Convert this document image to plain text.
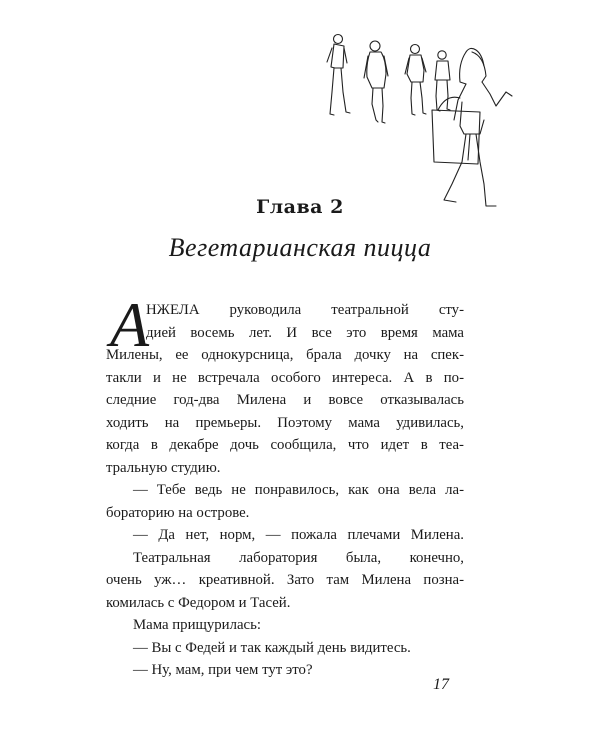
Глава 2
Вегетарианская пицца
А
НЖЕЛА руководила театральной сту-
дией восемь лет. И все это время мама
Милены, ее однокурсница, брала дочку на спек-
такли и не встречала особого интереса. А в по-
следние год-два Милена и вовсе отказывалась
ходить на премьеры. Поэтому мама удивилась,
когда в декабре дочь сообщила, что идет в теа-
тральную студию.
— Тебе ведь не понравилось, как она вела ла-
бораторию на острове.
— Да нет, норм, — пожала плечами Милена.
Театральная лаборатория была, конечно,
очень уж… креативной. Зато там Милена позна-
комилась с Федором и Тасей.
Мама прищурилась:
— Вы с Федей и так каждый день видитесь.
— Ну, мам, при чем тут это?
17
